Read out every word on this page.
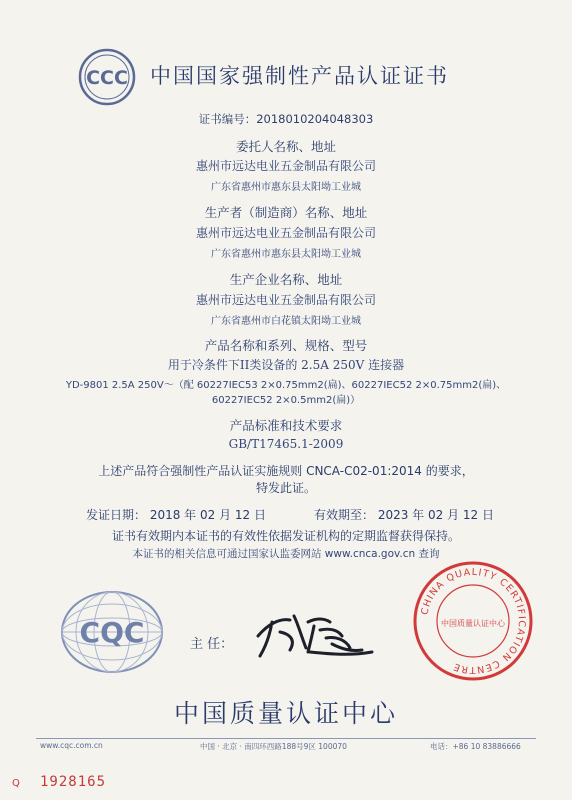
CCC 中国国家强制性产品认证证书
证书编号：2018010204048303
委托人名称、地址
惠州市远达电业五金制品有限公司
广东省惠州市惠东县太阳坳工业城
生产者（制造商）名称、地址
惠州市远达电业五金制品有限公司
广东省惠州市惠东县太阳坳工业城
生产企业名称、地址
惠州市远达电业五金制品有限公司
广东省惠州市白花镇太阳坳工业城
产品名称和系列、规格、型号
用于冷条件下II类设备的 2.5A 250V 连接器
YD-9801 2.5A 250V～（配 60227IEC53 2×0.75mm2(扁)、60227IEC52 2×0.75mm2(扁)、
60227IEC52 2×0.5mm2(扁)）
产品标准和技术要求
GB/T17465.1-2009
上述产品符合强制性产品认证实施规则 CNCA-C02-01:2014 的要求，
特发此证。
发证日期： 2018 年 02 月 12 日	有效期至： 2023 年 02 月 12 日
证书有效期内本证书的有效性依据发证机构的定期监督获得保持。
本证书的相关信息可通过国家认监委网站 www.cnca.gov.cn 查询
CQC	主 任：
CHINA QUALITY CERTIFICATION CENTRE
中国质量认证中心
中国质量认证中心
www.cqc.com.cn	中国 · 北京 · 南四环西路188号9区 100070	电话：+86 10 83886666
Q 1928165
